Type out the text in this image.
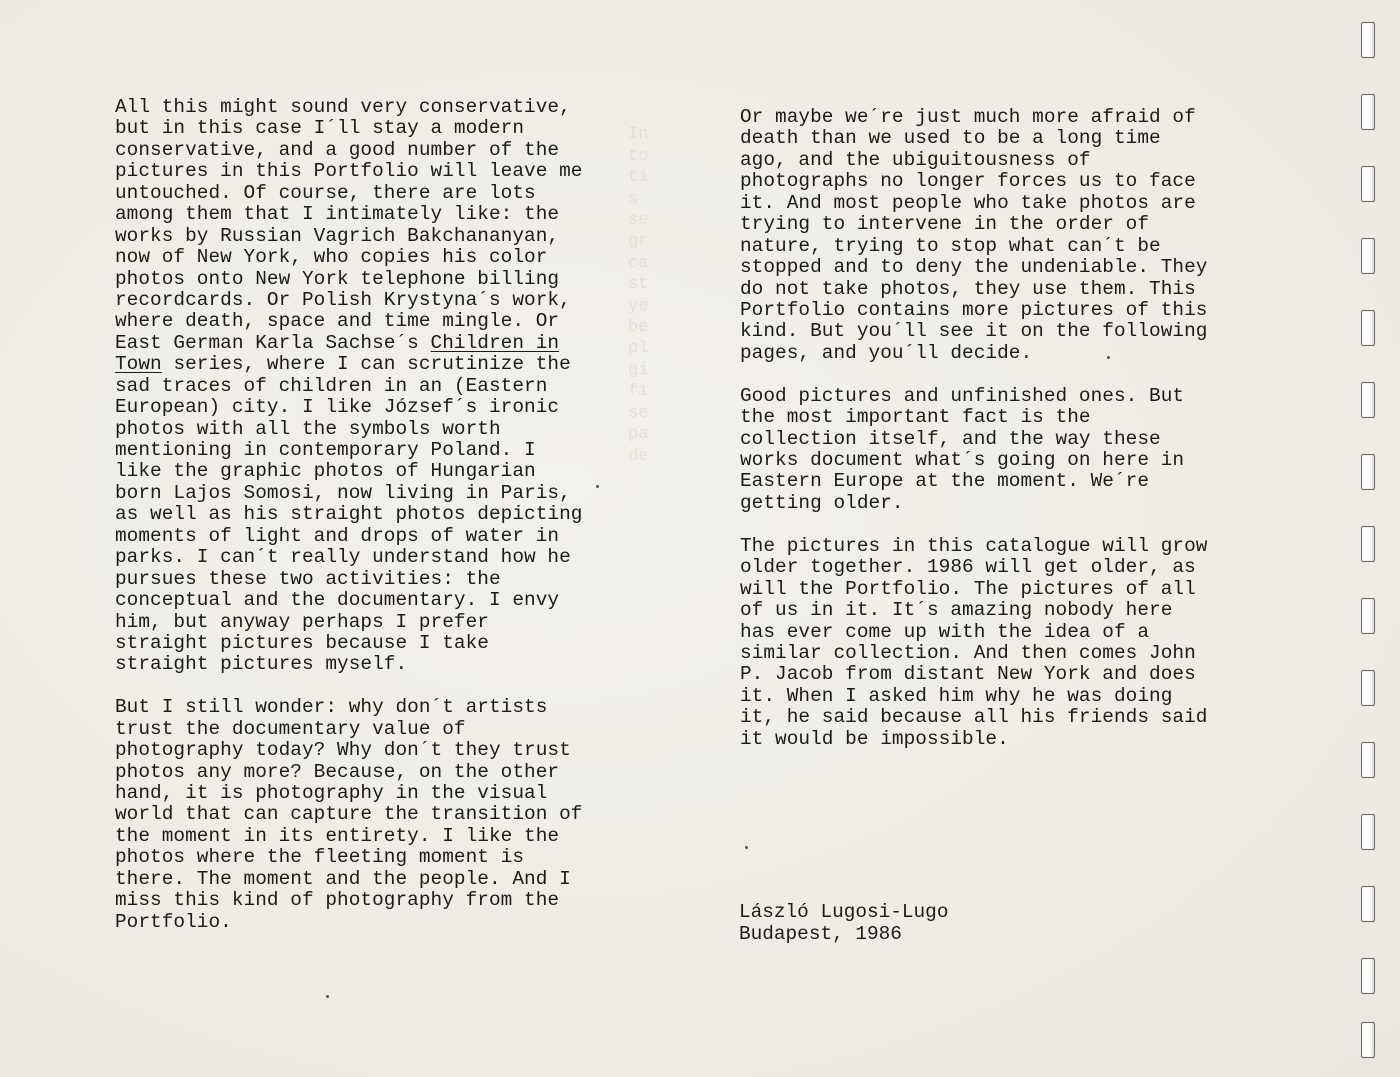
In
to
ti
s
se
gr
ca
st
ye
be
pl
gi
fi
se
pa
de

All this might sound very conservative,
but in this case I´ll stay a modern
conservative, and a good number of the
pictures in this Portfolio will leave me
untouched. Of course, there are lots
among them that I intimately like: the
works by Russian Vagrich Bakchananyan,
now of New York, who copies his color
photos onto New York telephone billing
recordcards. Or Polish Krystyna´s work,
where death, space and time mingle. Or
East German Karla Sachse´s Children in
Town series, where I can scrutinize the
sad traces of children in an (Eastern
European) city. I like József´s ironic
photos with all the symbols worth
mentioning in contemporary Poland. I
like the graphic photos of Hungarian
born Lajos Somosi, now living in Paris,
as well as his straight photos depicting
moments of light and drops of water in
parks. I can´t really understand how he
pursues these two activities: the
conceptual and the documentary. I envy
him, but anyway perhaps I prefer
straight pictures because I take
straight pictures myself.
But I still wonder: why don´t artists
trust the documentary value of
photography today? Why don´t they trust
photos any more? Because, on the other
hand, it is photography in the visual
world that can capture the transition of
the moment in its entirety. I like the
photos where the fleeting moment is
there. The moment and the people. And I
miss this kind of photography from the
Portfolio.
Or maybe we´re just much more afraid of
death than we used to be a long time
ago, and the ubiguitousness of
photographs no longer forces us to face
it. And most people who take photos are
trying to intervene in the order of
nature, trying to stop what can´t be
stopped and to deny the undeniable. They
do not take photos, they use them. This
Portfolio contains more pictures of this
kind. But you´ll see it on the following
pages, and you´ll decide.
Good pictures and unfinished ones. But
the most important fact is the
collection itself, and the way these
works document what´s going on here in
Eastern Europe at the moment. We´re
getting older.
The pictures in this catalogue will grow
older together. 1986 will get older, as
will the Portfolio. The pictures of all
of us in it. It´s amazing nobody here
has ever come up with the idea of a
similar collection. And then comes John
P. Jacob from distant New York and does
it. When I asked him why he was doing
it, he said because all his friends said
it would be impossible.
László Lugosi-Lugo
Budapest, 1986
